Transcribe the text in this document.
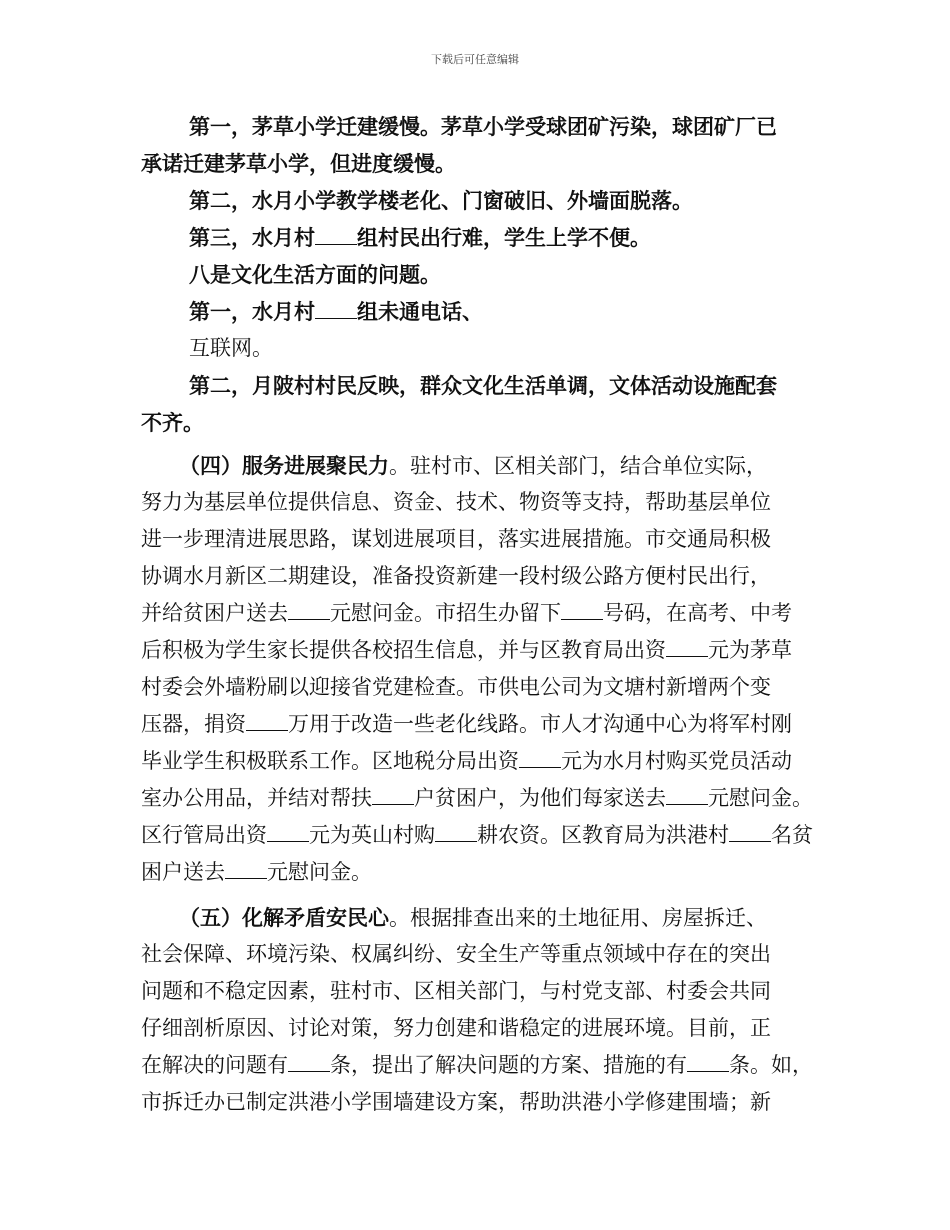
下载后可任意编辑
第一，茅草小学迁建缓慢。茅草小学受球团矿污染，球团矿厂已
承诺迁建茅草小学，但进度缓慢。
第二，水月小学教学楼老化、门窗破旧、外墙面脱落。
第三，水月村 组村民出行难，学生上学不便。
八是文化生活方面的问题。
第一，水月村 组未通电话、
互联网。
第二，月陂村村民反映，群众文化生活单调，文体活动设施配套
不齐。
（四）服务进展聚民力。驻村市、区相关部门，结合单位实际，
努力为基层单位提供信息、资金、技术、物资等支持，帮助基层单位
进一步理清进展思路，谋划进展项目，落实进展措施。市交通局积极
协调水月新区二期建设，准备投资新建一段村级公路方便村民出行，
并给贫困户送去 元慰问金。市招生办留下 号码，在高考、中考
后积极为学生家长提供各校招生信息，并与区教育局出资 元为茅草
村委会外墙粉刷以迎接省党建检查。市供电公司为文塘村新增两个变
压器，捐资 万用于改造一些老化线路。市人才沟通中心为将军村刚
毕业学生积极联系工作。区地税分局出资 元为水月村购买党员活动
室办公用品，并结对帮扶 户贫困户，为他们每家送去 元慰问金。
区行管局出资 元为英山村购 耕农资。区教育局为洪港村 名贫
困户送去 元慰问金。
（五）化解矛盾安民心。根据排查出来的土地征用、房屋拆迁、
社会保障、环境污染、权属纠纷、安全生产等重点领域中存在的突出
问题和不稳定因素，驻村市、区相关部门，与村党支部、村委会共同
仔细剖析原因、讨论对策，努力创建和谐稳定的进展环境。目前，正
在解决的问题有 条，提出了解决问题的方案、措施的有 条。如，
市拆迁办已制定洪港小学围墙建设方案，帮助洪港小学修建围墙；新
